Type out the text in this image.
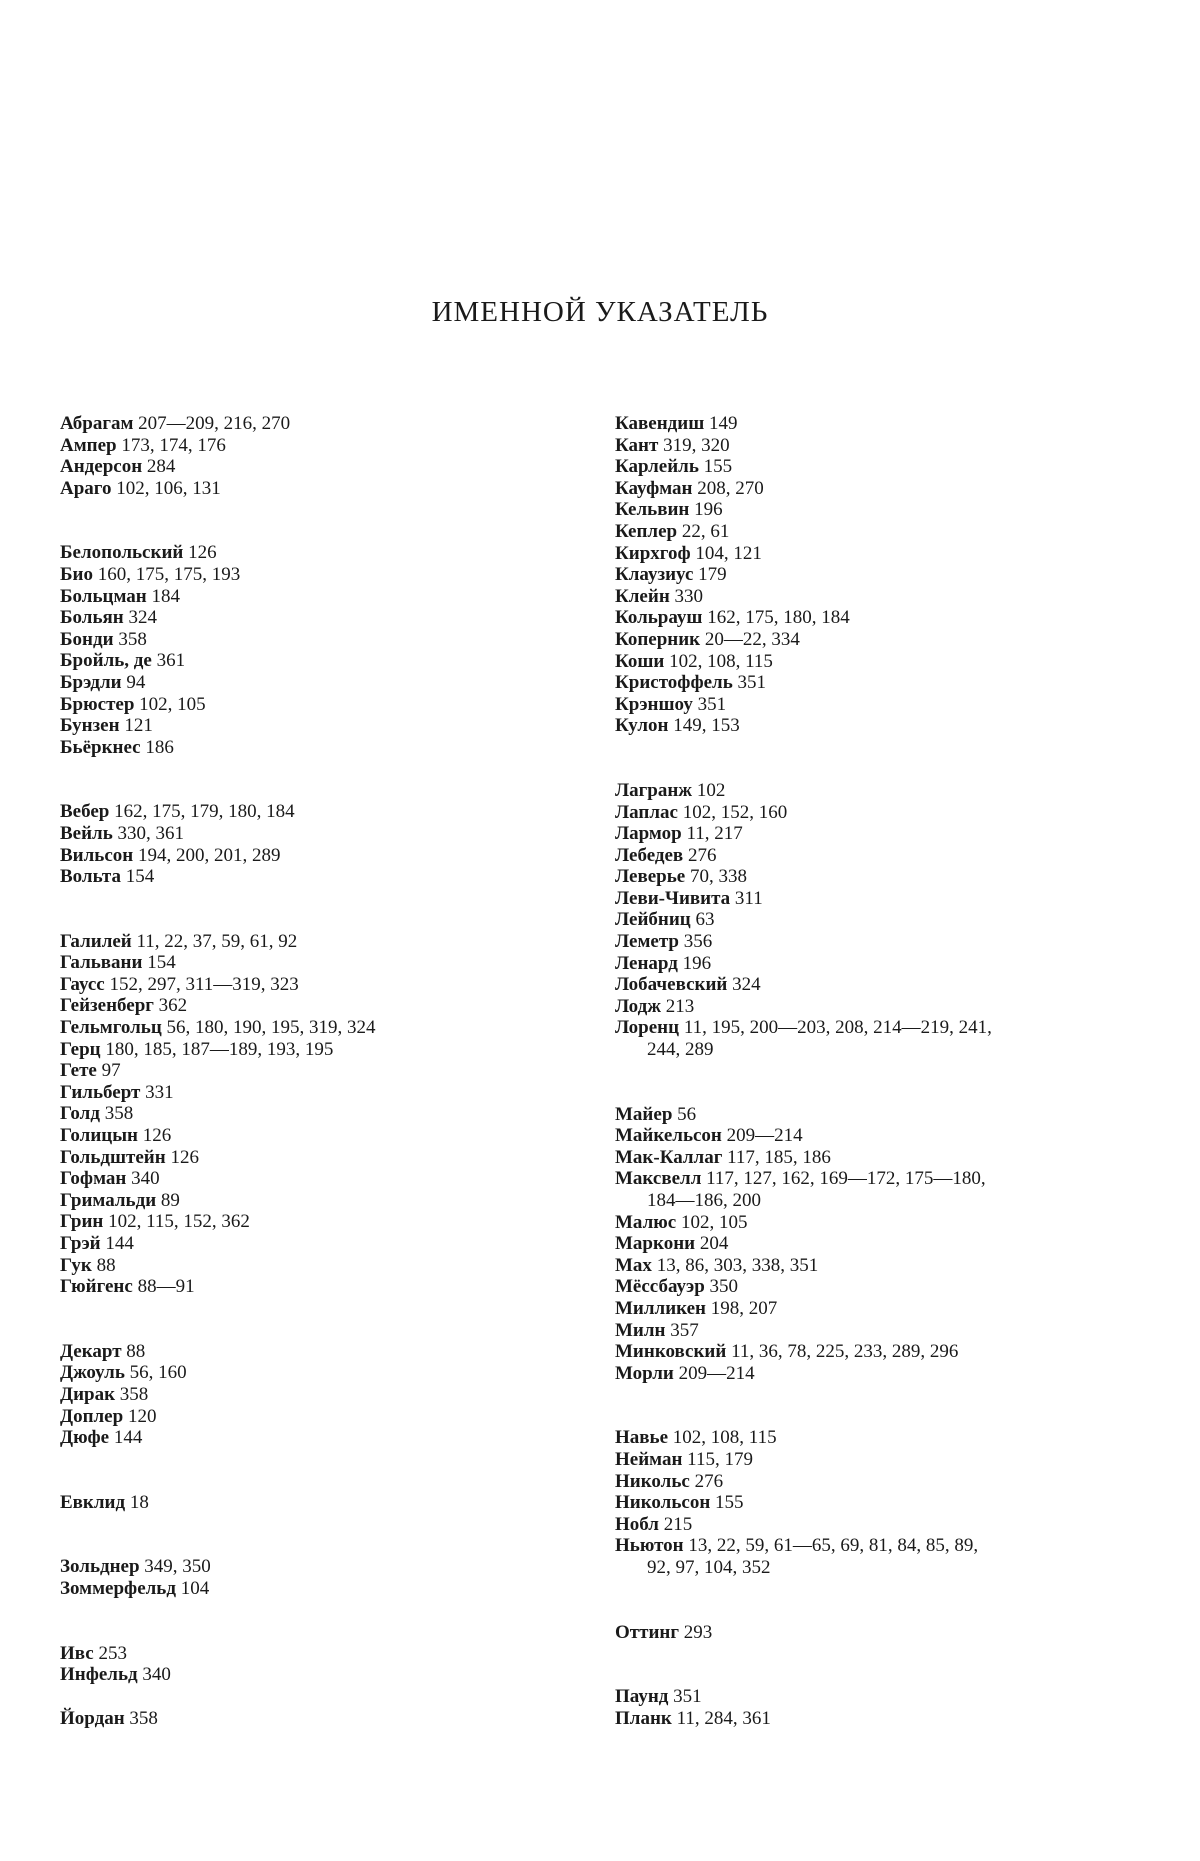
ИМЕННОЙ УКАЗАТЕЛЬ
Абрагам 207—209, 216, 270
Ампер 173, 174, 176
Андерсон 284
Араго 102, 106, 131
Белопольский 126
Био 160, 175, 175, 193
Больцман 184
Больян 324
Бонди 358
Бройль, де 361
Брэдли 94
Брюстер 102, 105
Бунзен 121
Бьёркнес 186
Вебер 162, 175, 179, 180, 184
Вейль 330, 361
Вильсон 194, 200, 201, 289
Вольта 154
Галилей 11, 22, 37, 59, 61, 92
Гальвани 154
Гаусс 152, 297, 311—319, 323
Гейзенберг 362
Гельмгольц 56, 180, 190, 195, 319, 324
Герц 180, 185, 187—189, 193, 195
Гете 97
Гильберт 331
Голд 358
Голицын 126
Гольдштейн 126
Гофман 340
Гримальди 89
Грин 102, 115, 152, 362
Грэй 144
Гук 88
Гюйгенс 88—91
Декарт 88
Джоуль 56, 160
Дирак 358
Доплер 120
Дюфе 144
Евклид 18
Зольднер 349, 350
Зоммерфельд 104
Ивс 253
Инфельд 340
Йордан 358
Кавендиш 149
Кант 319, 320
Карлейль 155
Кауфман 208, 270
Кельвин 196
Кеплер 22, 61
Кирхгоф 104, 121
Клаузиус 179
Клейн 330
Кольрауш 162, 175, 180, 184
Коперник 20—22, 334
Коши 102, 108, 115
Кристоффель 351
Крэншоу 351
Кулон 149, 153
Лагранж 102
Лаплас 102, 152, 160
Лармор 11, 217
Лебедев 276
Леверье 70, 338
Леви-Чивита 311
Лейбниц 63
Леметр 356
Ленард 196
Лобачевский 324
Лодж 213
Лоренц 11, 195, 200—203, 208, 214—219, 241,
244, 289
Майер 56
Майкельсон 209—214
Мак-Каллаг 117, 185, 186
Максвелл 117, 127, 162, 169—172, 175—180,
184—186, 200
Малюс 102, 105
Маркони 204
Мах 13, 86, 303, 338, 351
Мёссбауэр 350
Милликен 198, 207
Милн 357
Минковский 11, 36, 78, 225, 233, 289, 296
Морли 209—214
Навье 102, 108, 115
Нейман 115, 179
Никольс 276
Никольсон 155
Нобл 215
Ньютон 13, 22, 59, 61—65, 69, 81, 84, 85, 89,
92, 97, 104, 352
Оттинг 293
Паунд 351
Планк 11, 284, 361
